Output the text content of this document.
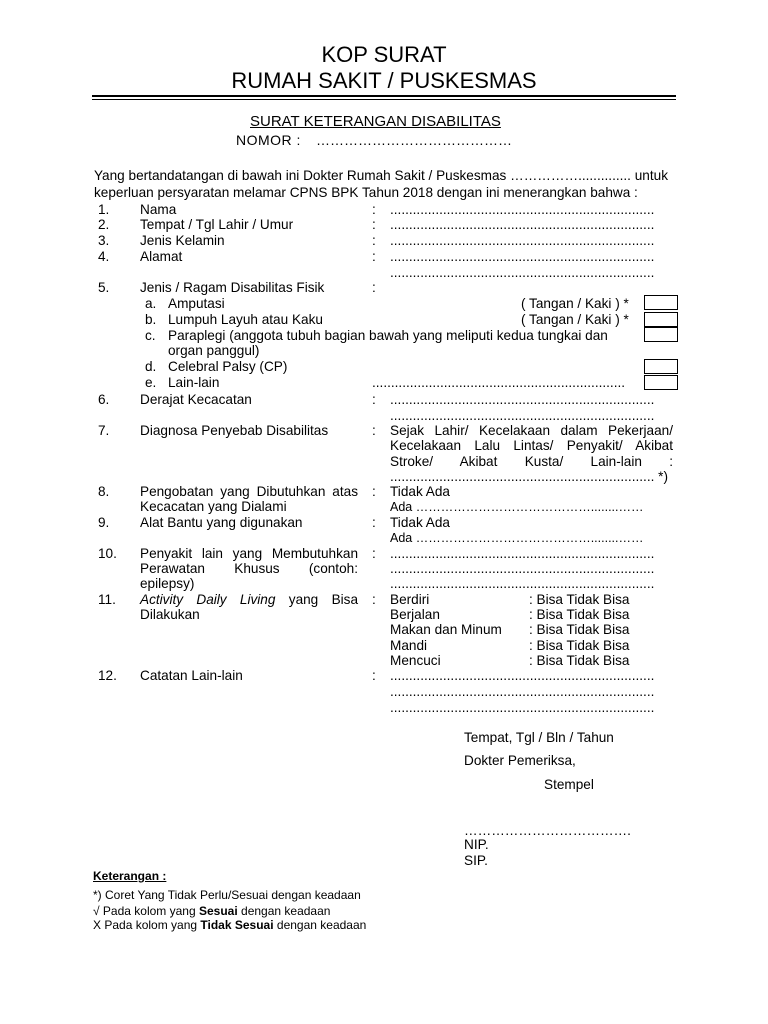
KOP SURAT
RUMAH SAKIT / PUSKESMAS
SURAT KETERANGAN DISABILITAS
NOMOR : ……………………………………
Yang bertandatangan di bawah ini Dokter Rumah Sakit / Puskesmas …………….............. untuk
keperluan persyaratan melamar CPNS BPK Tahun 2018 dengan ini menerangkan bahwa :
1. Nama	: ......................................................................
2. Tempat / Tgl Lahir / Umur	: ......................................................................
3. Jenis Kelamin	: ......................................................................
4. Alamat	: ......................................................................
......................................................................
5. Jenis / Ragam Disabilitas Fisik	:
a. Amputasi	( Tangan / Kaki ) *
b. Lumpuh Layuh atau Kaku	( Tangan / Kaki ) *
c. Paraplegi (anggota tubuh bagian bawah yang meliputi kedua tungkai dan
organ panggul)
d. Celebral Palsy (CP)
e. Lain-lain	...................................................................
6. Derajat Kecacatan	: ......................................................................
......................................................................
7. Diagnosa Penyebab Disabilitas	: Sejak Lahir/ Kecelakaan dalam Pekerjaan/
Kecelakaan Lalu Lintas/ Penyakit/ Akibat
Stroke/ Akibat Kusta/ Lain-lain :
...................................................................... *)
8. Pengobatan yang Dibutuhkan atas
Kecacatan yang Dialami
: Tidak Ada
Ada ……………………………………........……
9. Alat Bantu yang digunakan	: Tidak Ada
Ada ……………………………………........……
10. Penyakit lain yang Membutuhkan
Perawatan Khusus (contoh:
epilepsy)
: ......................................................................
......................................................................
......................................................................
11. Activity Daily Living yang Bisa
Dilakukan
: Berdiri	: Bisa Tidak Bisa
Berjalan	: Bisa Tidak Bisa
Makan dan Minum : Bisa Tidak Bisa
Mandi	: Bisa Tidak Bisa
Mencuci	: Bisa Tidak Bisa
12. Catatan Lain-lain	: ......................................................................
......................................................................
......................................................................
Tempat, Tgl / Bln / Tahun
Dokter Pemeriksa,
Stempel
……………………………….
NIP.
SIP.
Keterangan :
*) Coret Yang Tidak Perlu/Sesuai dengan keadaan
√ Pada kolom yang Sesuai dengan keadaan
X Pada kolom yang Tidak Sesuai dengan keadaan
